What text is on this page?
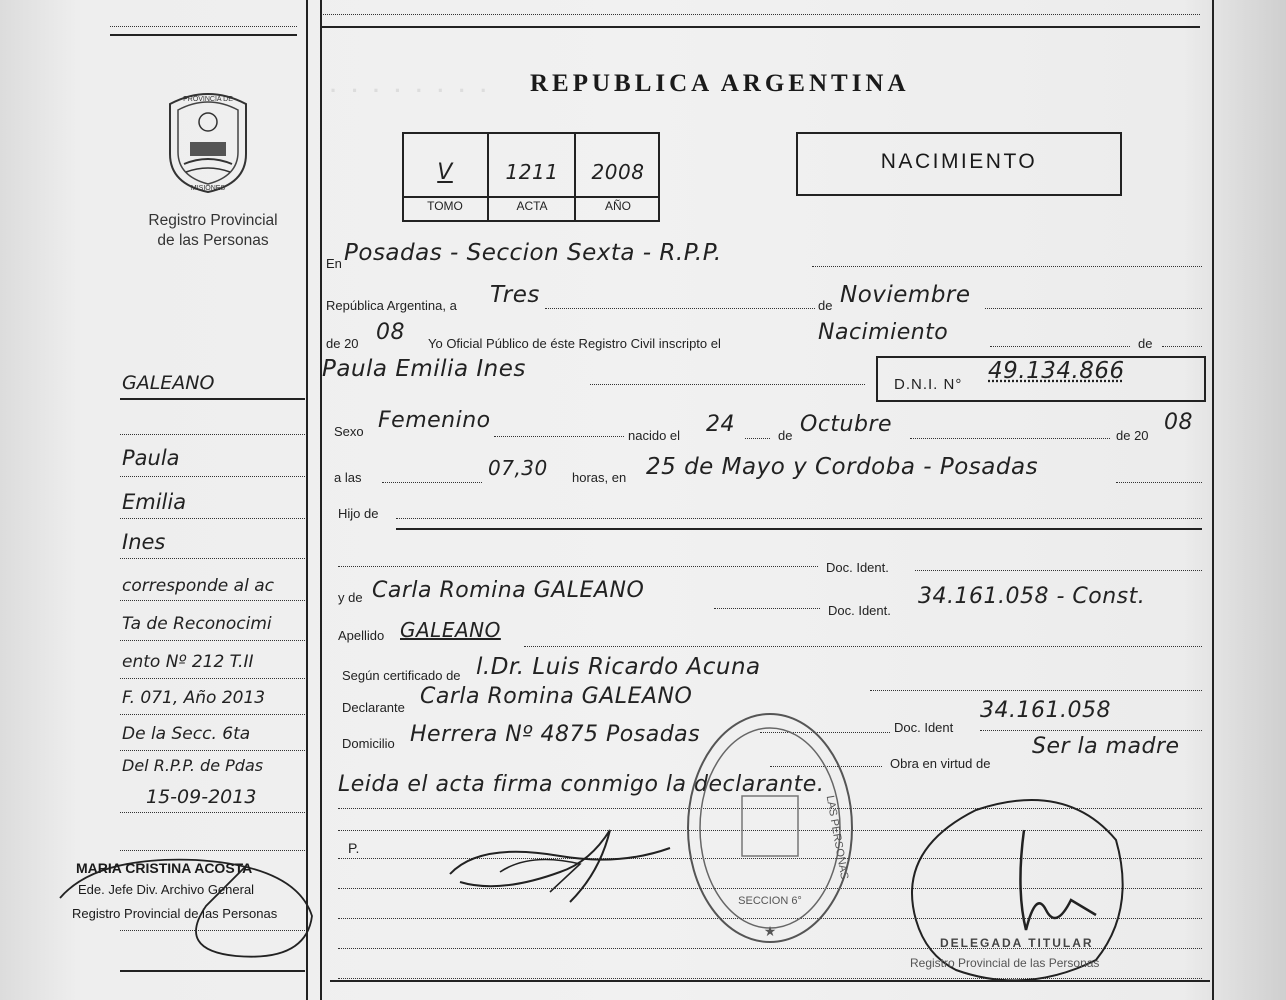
· · · · · · · ·
PROVINCIA DE
MISIONES
Registro Provincial
de las Personas
REPUBLICA ARGENTINA
V	1211	2008
TOMO	ACTA	AÑO
NACIMIENTO
En Posadas - Seccion Sexta - R.P.P.
República Argentina, a Tres	de Noviembre
de 20 08 Yo Oficial Público de éste Registro Civil inscripto el	Nacimiento	de
Paula Emilia Ines
D.N.I. N°
49.134.866
Sexo Femenino
nacido el 24	de Octubre	de 20
08
a las	07,30 horas, en 25 de Mayo y Cordoba - Posadas
Hijo de
Doc. Ident.
y de Carla Romina GALEANO
Doc. Ident.
34.161.058 - Const.
Apellido GALEANO
Según certificado de l.Dr. Luis Ricardo Acuna
Declarante Carla Romina GALEANO
Doc. Ident
34.161.058
Domicilio Herrera Nº 4875 Posadas
Obra en virtud de
Ser la madre
Leida el acta firma conmigo la declarante.
P.	LAS PERSONAS
SECCION 6°
★
DELEGADA TITULAR
Registro Provincial de las Personas
GALEANO
Paula
Emilia
Ines
corresponde al ac
Ta de Reconocimi
ento Nº 212 T.II
F. 071, Año 2013
De la Secc. 6ta
Del R.P.P. de Pdas
15-09-2013
MARIA CRISTINA ACOSTA
Ede. Jefe Div. Archivo General
Registro Provincial de las Personas
